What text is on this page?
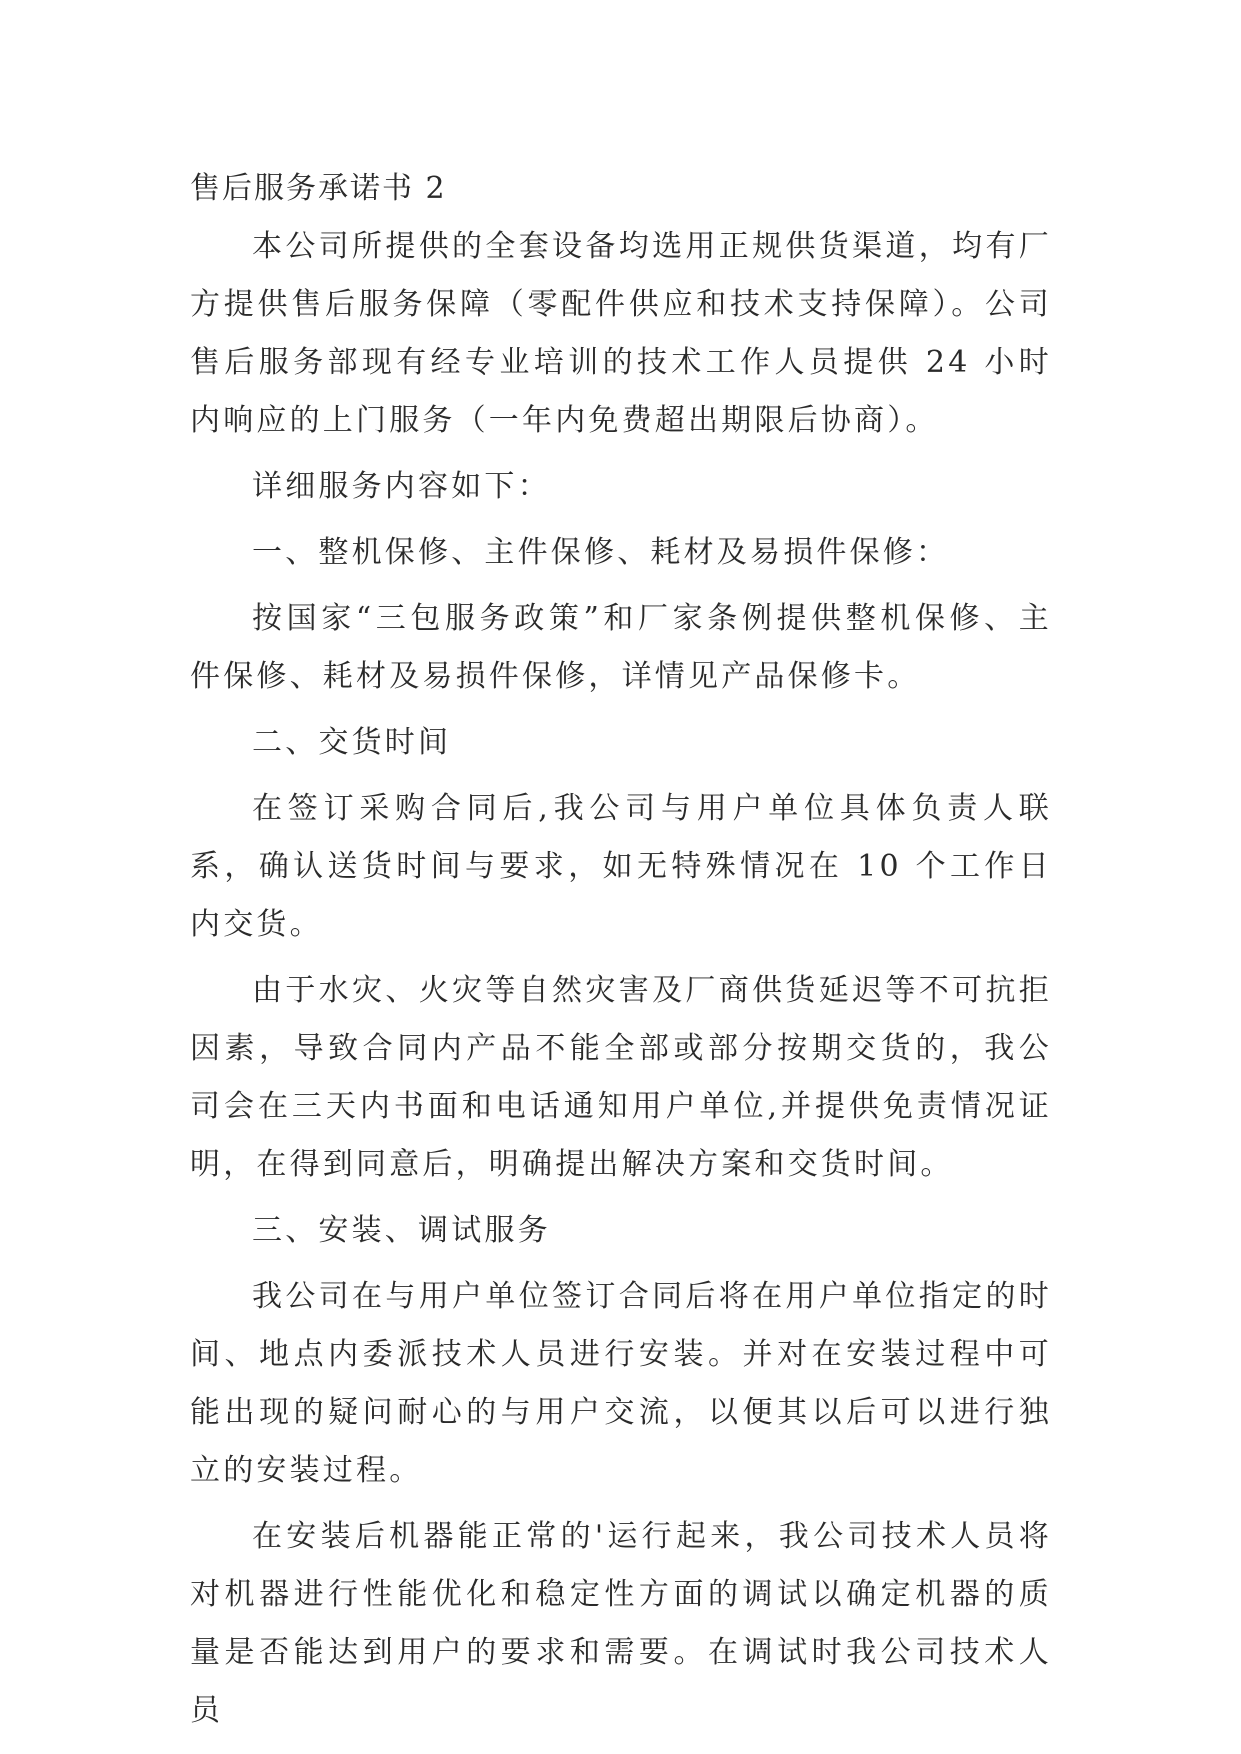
售后服务承诺书 2

本公司所提供的全套设备均选用正规供货渠道，均有厂方提供售后服务保障（零配件供应和技术支持保障）。公司售后服务部现有经专业培训的技术工作人员提供 24 小时内响应的上门服务（一年内免费超出期限后协商）。

详细服务内容如下：

一、整机保修、主件保修、耗材及易损件保修：

按国家“三包服务政策”和厂家条例提供整机保修、主件保修、耗材及易损件保修，详情见产品保修卡。

二、交货时间

在签订采购合同后,我公司与用户单位具体负责人联系，确认送货时间与要求，如无特殊情况在 10 个工作日内交货。

由于水灾、火灾等自然灾害及厂商供货延迟等不可抗拒因素，导致合同内产品不能全部或部分按期交货的，我公司会在三天内书面和电话通知用户单位,并提供免责情况证明，在得到同意后，明确提出解决方案和交货时间。

三、安装、调试服务

我公司在与用户单位签订合同后将在用户单位指定的时间、地点内委派技术人员进行安装。并对在安装过程中可能出现的疑问耐心的与用户交流，以便其以后可以进行独立的安装过程。

在安装后机器能正常的'运行起来，我公司技术人员将对机器进行性能优化和稳定性方面的调试以确定机器的质量是否能达到用户的要求和需要。在调试时我公司技术人员
